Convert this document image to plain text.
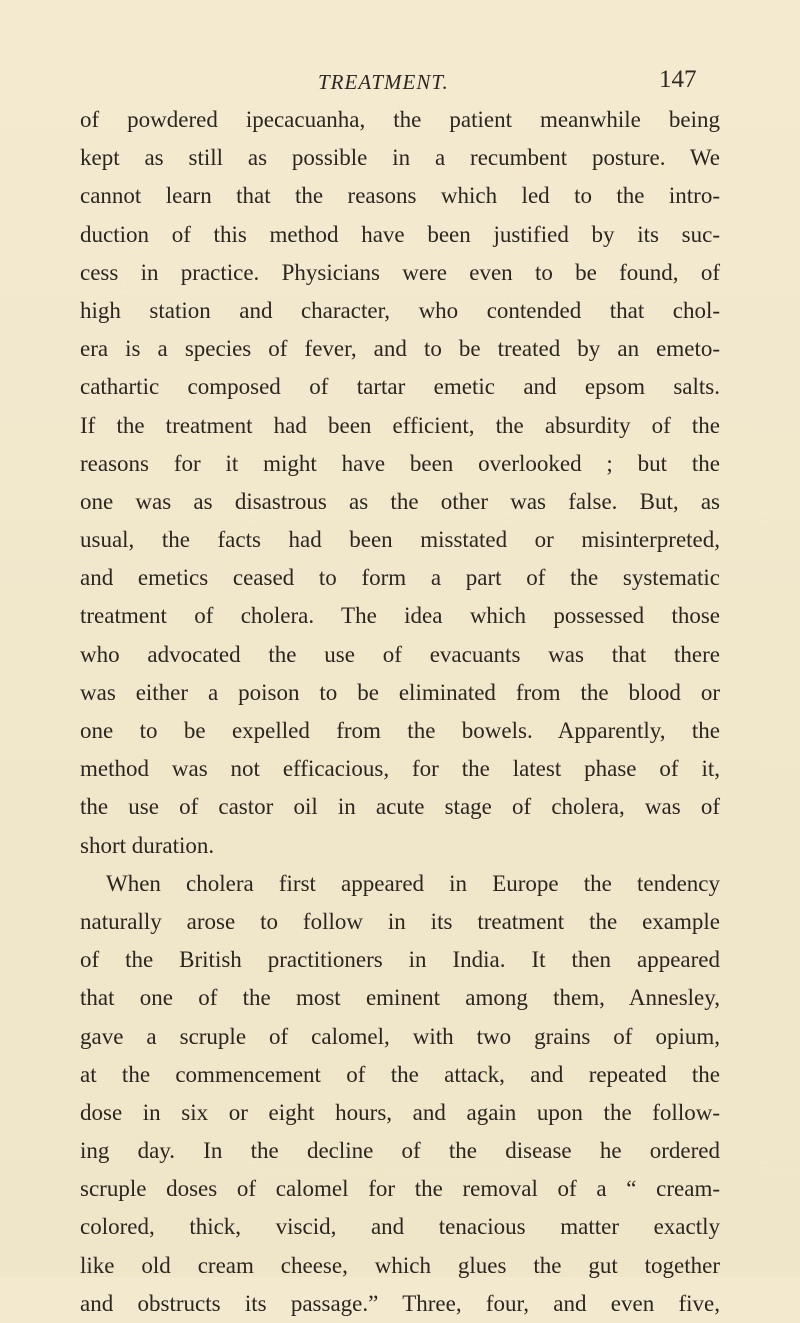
TREATMENT.	147
of powdered ipecacuanha, the patient meanwhile being
kept as still as possible in a recumbent posture. We
cannot learn that the reasons which led to the intro-
duction of this method have been justified by its suc-
cess in practice. Physicians were even to be found, of
high station and character, who contended that chol-
era is a species of fever, and to be treated by an emeto-
cathartic composed of tartar emetic and epsom salts.
If the treatment had been efficient, the absurdity of the
reasons for it might have been overlooked ; but the
one was as disastrous as the other was false. But, as
usual, the facts had been misstated or misinterpreted,
and emetics ceased to form a part of the systematic
treatment of cholera. The idea which possessed those
who advocated the use of evacuants was that there
was either a poison to be eliminated from the blood or
one to be expelled from the bowels. Apparently, the
method was not efficacious, for the latest phase of it,
the use of castor oil in acute stage of cholera, was of
short duration.
When cholera first appeared in Europe the tendency
naturally arose to follow in its treatment the example
of the British practitioners in India. It then appeared
that one of the most eminent among them, Annesley,
gave a scruple of calomel, with two grains of opium,
at the commencement of the attack, and repeated the
dose in six or eight hours, and again upon the follow-
ing day. In the decline of the disease he ordered
scruple doses of calomel for the removal of a “ cream-
colored, thick, viscid, and tenacious matter exactly
like old cream cheese, which glues the gut together
and obstructs its passage.” Three, four, and even five,
